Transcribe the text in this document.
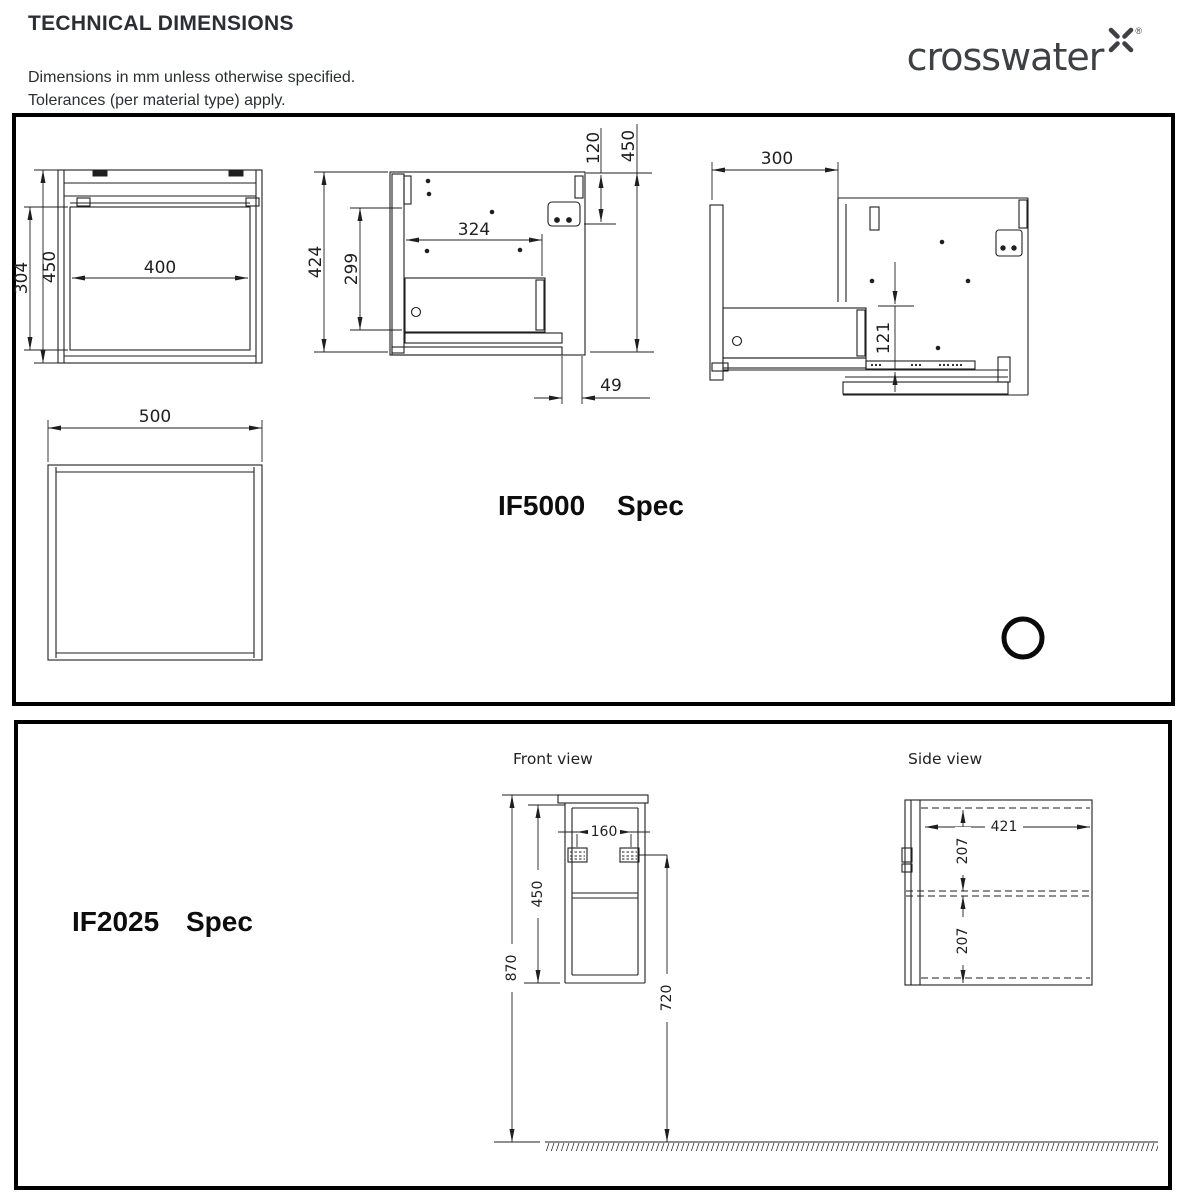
TECHNICAL DIMENSIONS

Dimensions in mm unless otherwise specified.

Tolerances (per material type) apply.

crosswater
®
400
450
304
324
299
424
120 450
49
300
121
500
IF5000 Spec
Front view	Side view
IF2025 Spec
160
450
870
720
421
207
207
